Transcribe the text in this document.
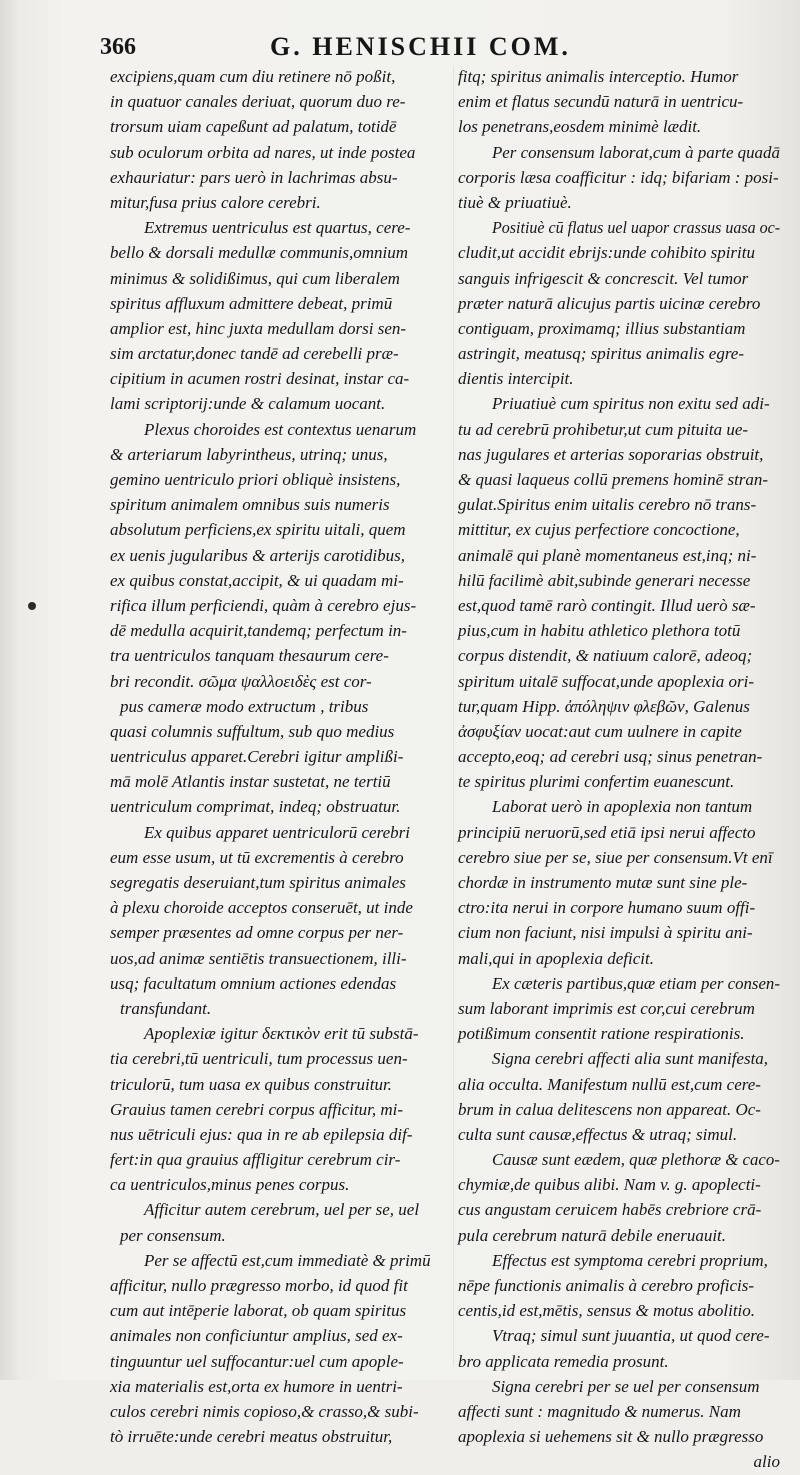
366	G. HENISCHII COM.
excipiens,quam cum diu retinere nō poßit,
in quatuor canales deriuat, quorum duo re-
trorsum uiam capeßunt ad palatum, totidē
sub oculorum orbita ad nares, ut inde postea
exhauriatur: pars uerò in lachrimas absu-
mitur,fusa prius calore cerebri.
Extremus uentriculus est quartus, cere-
bello & dorsali medullæ communis,omnium
minimus & solidißimus, qui cum liberalem
spiritus affluxum admittere debeat, primū
amplior est, hinc juxta medullam dorsi sen-
sim arctatur,donec tandē ad cerebelli præ-
cipitium in acumen rostri desinat, instar ca-
lami scriptorij:unde & calamum uocant.
Plexus choroides est contextus uenarum
& arteriarum labyrintheus, utrinq; unus,
gemino uentriculo priori obliquè insistens,
spiritum animalem omnibus suis numeris
absolutum perficiens,ex spiritu uitali, quem
ex uenis jugularibus & arterijs carotidibus,
ex quibus constat,accipit, & ui quadam mi-
rifica illum perficiendi, quàm à cerebro ejus-
dē medulla acquirit,tandemq; perfectum in-
tra uentriculos tanquam thesaurum cere-
bri recondit. σῶμα ψαλλοειδὲς est cor-
pus cameræ modo extructum , tribus
quasi columnis suffultum, sub quo medius
uentriculus apparet.Cerebri igitur amplißi-
mā molē Atlantis instar sustetat, ne tertiū
uentriculum comprimat, indeq; obstruatur.
Ex quibus apparet uentriculorū cerebri
eum esse usum, ut tū excrementis à cerebro
segregatis deseruiant,tum spiritus animales
à plexu choroide acceptos conseruēt, ut inde
semper præsentes ad omne corpus per ner-
uos,ad animæ sentiētis transuectionem, illi-
usq; facultatum omnium actiones edendas
transfundant.
Apoplexiæ igitur δεκτικὸν erit tū substā-
tia cerebri,tū uentriculi, tum processus uen-
triculorū, tum uasa ex quibus construitur.
Grauius tamen cerebri corpus afficitur, mi-
nus uētriculi ejus: qua in re ab epilepsia dif-
fert:in qua grauius affligitur cerebrum cir-
ca uentriculos,minus penes corpus.
Afficitur autem cerebrum, uel per se, uel
per consensum.
Per se affectū est,cum immediatè & primū
afficitur, nullo prægresso morbo, id quod fit
cum aut intēperie laborat, ob quam spiritus
animales non conficiuntur amplius, sed ex-
tinguuntur uel suffocantur:uel cum apople-
xia materialis est,orta ex humore in uentri-
culos cerebri nimis copioso,& crasso,& subi-
tò irruēte:unde cerebri meatus obstruitur,
fitq; spiritus animalis interceptio. Humor
enim et flatus secundū naturā in uentricu-
los penetrans,eosdem minimè lædit.
Per consensum laborat,cum à parte quadā
corporis læsa coafficitur : idq; bifariam : posi-
tiuè & priuatiuè.
Positiuè cū flatus uel uapor crassus uasa oc-
cludit,ut accidit ebrijs:unde cohibito spiritu
sanguis infrigescit & concrescit. Vel tumor
præter naturā alicujus partis uicinæ cerebro
contiguam, proximamq; illius substantiam
astringit, meatusq; spiritus animalis egre-
dientis intercipit.
Priuatiuè cum spiritus non exitu sed adi-
tu ad cerebrū prohibetur,ut cum pituita ue-
nas jugulares et arterias soporarias obstruit,
& quasi laqueus collū premens hominē stran-
gulat.Spiritus enim uitalis cerebro nō trans-
mittitur, ex cujus perfectiore concoctione,
animalē qui planè momentaneus est,inq; ni-
hilū facilimè abit,subinde generari necesse
est,quod tamē rarò contingit. Illud uerò sæ-
pius,cum in habitu athletico plethora totū
corpus distendit, & natiuum calorē, adeoq;
spiritum uitalē suffocat,unde apoplexia ori-
tur,quam Hipp. ἀπόληψιν φλεβῶν, Galenus
ἀσφυξίαν uocat:aut cum uulnere in capite
accepto,eoq; ad cerebri usq; sinus penetran-
te spiritus plurimi confertim euanescunt.
Laborat uerò in apoplexia non tantum
principiū neruorū,sed etiā ipsi nerui affecto
cerebro siue per se, siue per consensum.Vt enī
chordæ in instrumento mutæ sunt sine ple-
ctro:ita nerui in corpore humano suum offi-
cium non faciunt, nisi impulsi à spiritu ani-
mali,qui in apoplexia deficit.
Ex cæteris partibus,quæ etiam per consen-
sum laborant imprimis est cor,cui cerebrum
potißimum consentit ratione respirationis.
Signa cerebri affecti alia sunt manifesta,
alia occulta. Manifestum nullū est,cum cere-
brum in calua delitescens non appareat. Oc-
culta sunt causæ,effectus & utraq; simul.
Causæ sunt eædem, quæ plethoræ & caco-
chymiæ,de quibus alibi. Nam v. g. apoplecti-
cus angustam ceruicem habēs crebriore crā-
pula cerebrum naturā debile eneruauit.
Effectus est symptoma cerebri proprium,
nēpe functionis animalis à cerebro proficis-
centis,id est,mētis, sensus & motus abolitio.
Vtraq; simul sunt juuantia, ut quod cere-
bro applicata remedia prosunt.
Signa cerebri per se uel per consensum
affecti sunt : magnitudo & numerus. Nam
apoplexia si uehemens sit & nullo prægresso
alio
